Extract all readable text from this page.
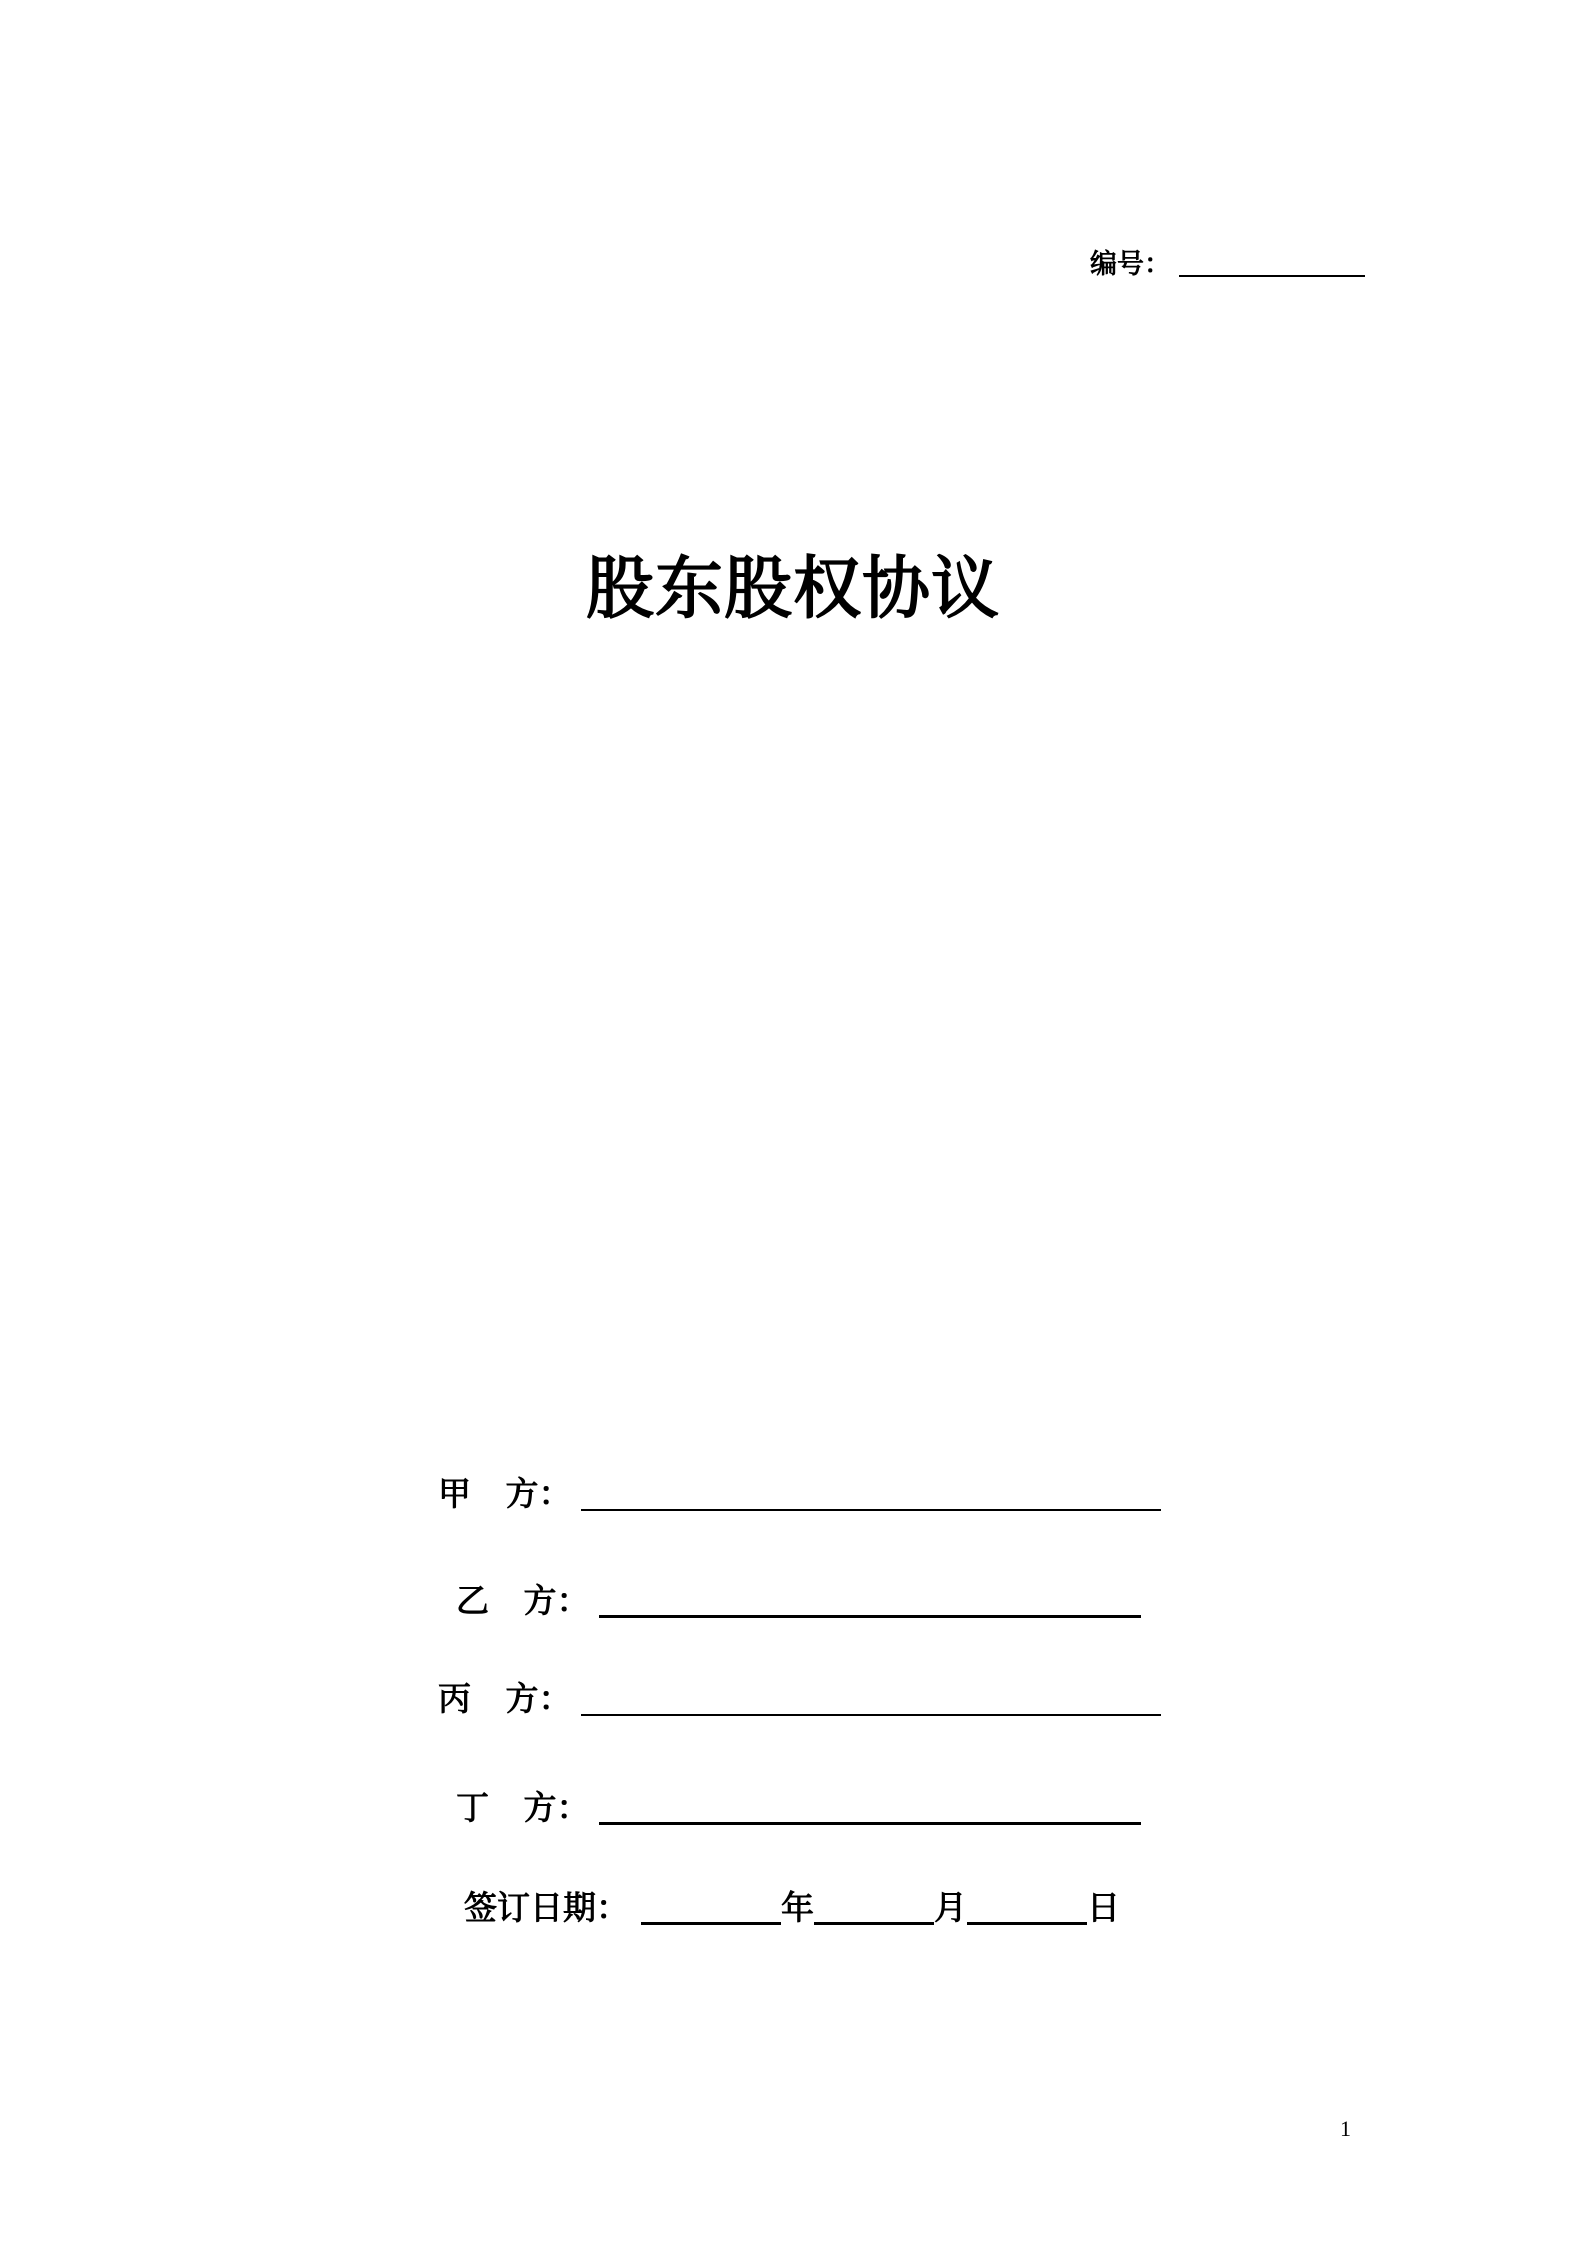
编号：
股东股权协议
甲   方：
乙   方：
丙   方：
丁   方：
签订日期：	年	月	日
1
